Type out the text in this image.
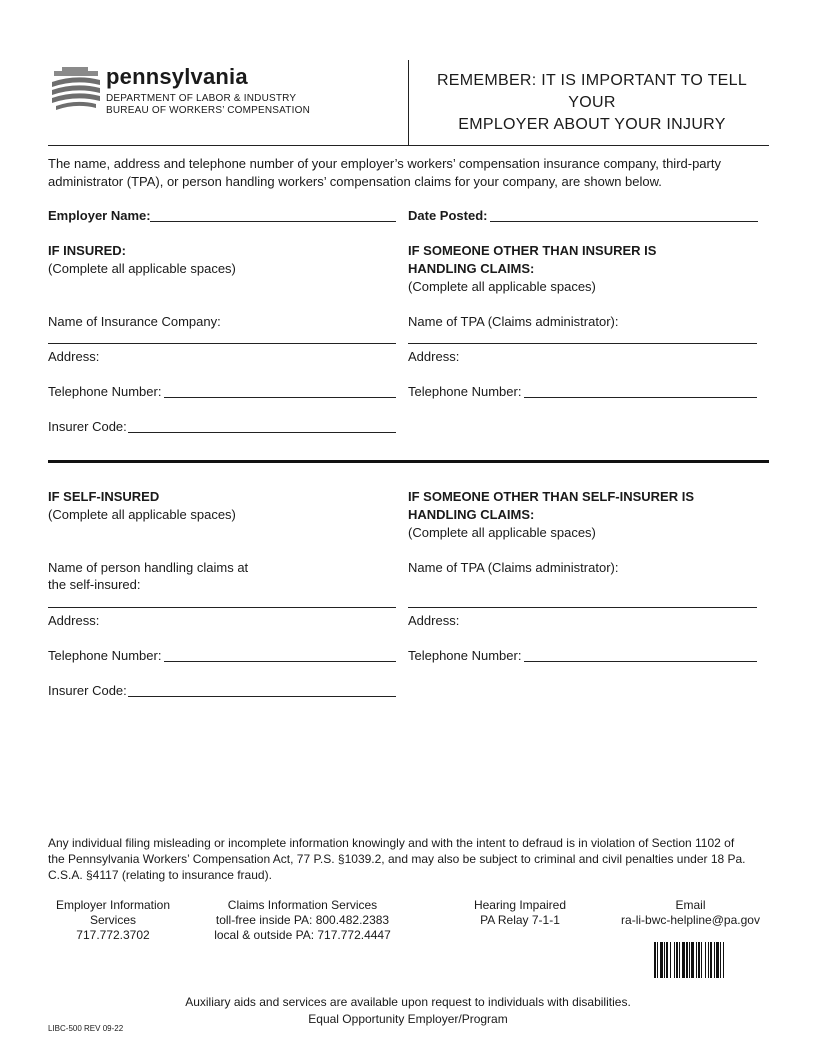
pennsylvania
DEPARTMENT OF LABOR & INDUSTRY
BUREAU OF WORKERS’ COMPENSATION
REMEMBER: IT IS IMPORTANT TO TELL YOUR
EMPLOYER ABOUT YOUR INJURY
The name, address and telephone number of your employer’s workers’ compensation insurance company, third-party
administrator (TPA), or person handling workers’ compensation claims for your company, are shown below.
Employer Name:	Date Posted:
IF INSURED:
(Complete all applicable spaces)
IF SOMEONE OTHER THAN INSURER IS
HANDLING CLAIMS:
(Complete all applicable spaces)
Name of Insurance Company:	Name of TPA (Claims administrator):
Address:	Address:
Telephone Number:	Telephone Number:
Insurer Code:
IF SELF-INSURED
(Complete all applicable spaces)
IF SOMEONE OTHER THAN SELF-INSURER IS
HANDLING CLAIMS:
(Complete all applicable spaces)
Name of person handling claims at
the self-insured:
Name of TPA (Claims administrator):
Address:	Address:
Telephone Number:	Telephone Number:
Insurer Code:
Any individual filing misleading or incomplete information knowingly and with the intent to defraud is in violation of Section 1102 of
the Pennsylvania Workers’ Compensation Act, 77 P.S. §1039.2, and may also be subject to criminal and civil penalties under 18 Pa.
C.S.A. §4117 (relating to insurance fraud).
Employer Information
Services
717.772.3702
Claims Information Services
toll-free inside PA: 800.482.2383
local & outside PA: 717.772.4447
Hearing Impaired
PA Relay 7-1-1
Email
ra-li-bwc-helpline@pa.gov
Auxiliary aids and services are available upon request to individuals with disabilities.
Equal Opportunity Employer/Program
LIBC-500 REV 09-22
